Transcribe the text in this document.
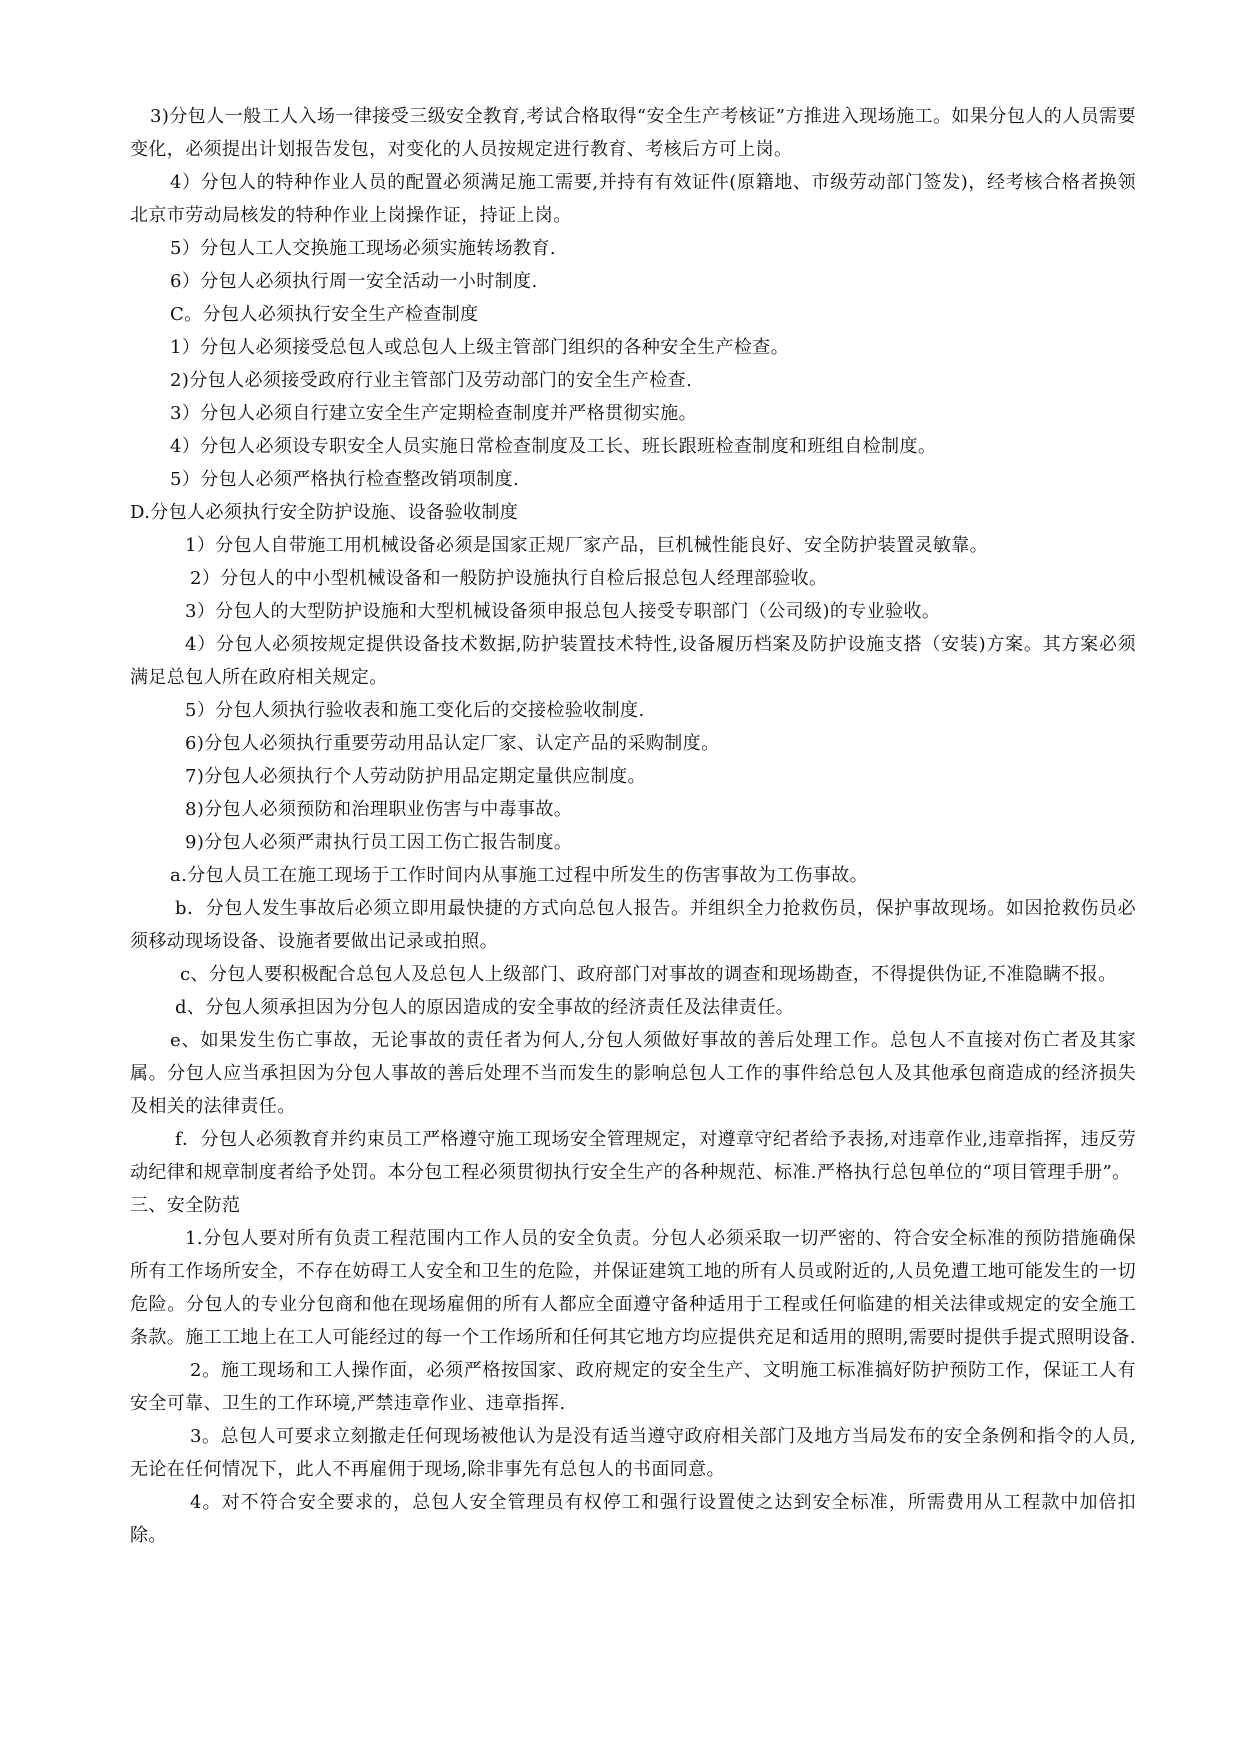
3)分包人一般工人入场一律接受三级安全教育,考试合格取得“安全生产考核证”方推进入现场施工。如果分包人的人员需要变化，必须提出计划报告发包，对变化的人员按规定进行教育、考核后方可上岗。

4）分包人的特种作业人员的配置必须满足施工需要,并持有有效证件(原籍地、市级劳动部门签发)，经考核合格者换领北京市劳动局核发的特种作业上岗操作证，持证上岗。

5）分包人工人交换施工现场必须实施转场教育.

6）分包人必须执行周一安全活动一小时制度.

C。分包人必须执行安全生产检查制度

1）分包人必须接受总包人或总包人上级主管部门组织的各种安全生产检查。

2)分包人必须接受政府行业主管部门及劳动部门的安全生产检查.

3）分包人必须自行建立安全生产定期检查制度并严格贯彻实施。

4）分包人必须设专职安全人员实施日常检查制度及工长、班长跟班检查制度和班组自检制度。

5）分包人必须严格执行检查整改销项制度.

D.分包人必须执行安全防护设施、设备验收制度

1）分包人自带施工用机械设备必须是国家正规厂家产品，巨机械性能良好、安全防护装置灵敏靠。

2）分包人的中小型机械设备和一般防护设施执行自检后报总包人经理部验收。

3）分包人的大型防护设施和大型机械设备须申报总包人接受专职部门（公司级)的专业验收。

4）分包人必须按规定提供设备技术数据,防护装置技术特性,设备履历档案及防护设施支搭（安装)方案。其方案必须满足总包人所在政府相关规定。

5）分包人须执行验收表和施工变化后的交接检验收制度.

6)分包人必须执行重要劳动用品认定厂家、认定产品的采购制度。

7)分包人必须执行个人劳动防护用品定期定量供应制度。

8)分包人必须预防和治理职业伤害与中毒事故。

9)分包人必须严肃执行员工因工伤亡报告制度。

a.分包人员工在施工现场于工作时间内从事施工过程中所发生的伤害事故为工伤事故。

b．分包人发生事故后必须立即用最快捷的方式向总包人报告。并组织全力抢救伤员，保护事故现场。如因抢救伤员必须移动现场设备、设施者要做出记录或拍照。

c、分包人要积极配合总包人及总包人上级部门、政府部门对事故的调查和现场勘查，不得提供伪证,不准隐瞒不报。

d、分包人须承担因为分包人的原因造成的安全事故的经济责任及法律责任。

e、如果发生伤亡事故，无论事故的责任者为何人,分包人须做好事故的善后处理工作。总包人不直接对伤亡者及其家属。分包人应当承担因为分包人事故的善后处理不当而发生的影响总包人工作的事件给总包人及其他承包商造成的经济损失及相关的法律责任。

f．分包人必须教育并约束员工严格遵守施工现场安全管理规定，对遵章守纪者给予表扬,对违章作业,违章指挥，违反劳动纪律和规章制度者给予处罚。本分包工程必须贯彻执行安全生产的各种规范、标准.严格执行总包单位的“项目管理手册”。

三、安全防范

1.分包人要对所有负责工程范围内工作人员的安全负责。分包人必须采取一切严密的、符合安全标准的预防措施确保所有工作场所安全，不存在妨碍工人安全和卫生的危险，并保证建筑工地的所有人员或附近的,人员免遭工地可能发生的一切危险。分包人的专业分包商和他在现场雇佣的所有人都应全面遵守备种适用于工程或任何临建的相关法律或规定的安全施工条款。施工工地上在工人可能经过的每一个工作场所和任何其它地方均应提供充足和适用的照明,需要时提供手提式照明设备.

2。施工现场和工人操作面，必须严格按国家、政府规定的安全生产、文明施工标准搞好防护预防工作，保证工人有安全可靠、卫生的工作环境,严禁违章作业、违章指挥.

3。总包人可要求立刻撤走任何现场被他认为是没有适当遵守政府相关部门及地方当局发布的安全条例和指令的人员,无论在任何情况下，此人不再雇佣于现场,除非事先有总包人的书面同意。

4。对不符合安全要求的，总包人安全管理员有权停工和强行设置使之达到安全标准，所需费用从工程款中加倍扣除。
